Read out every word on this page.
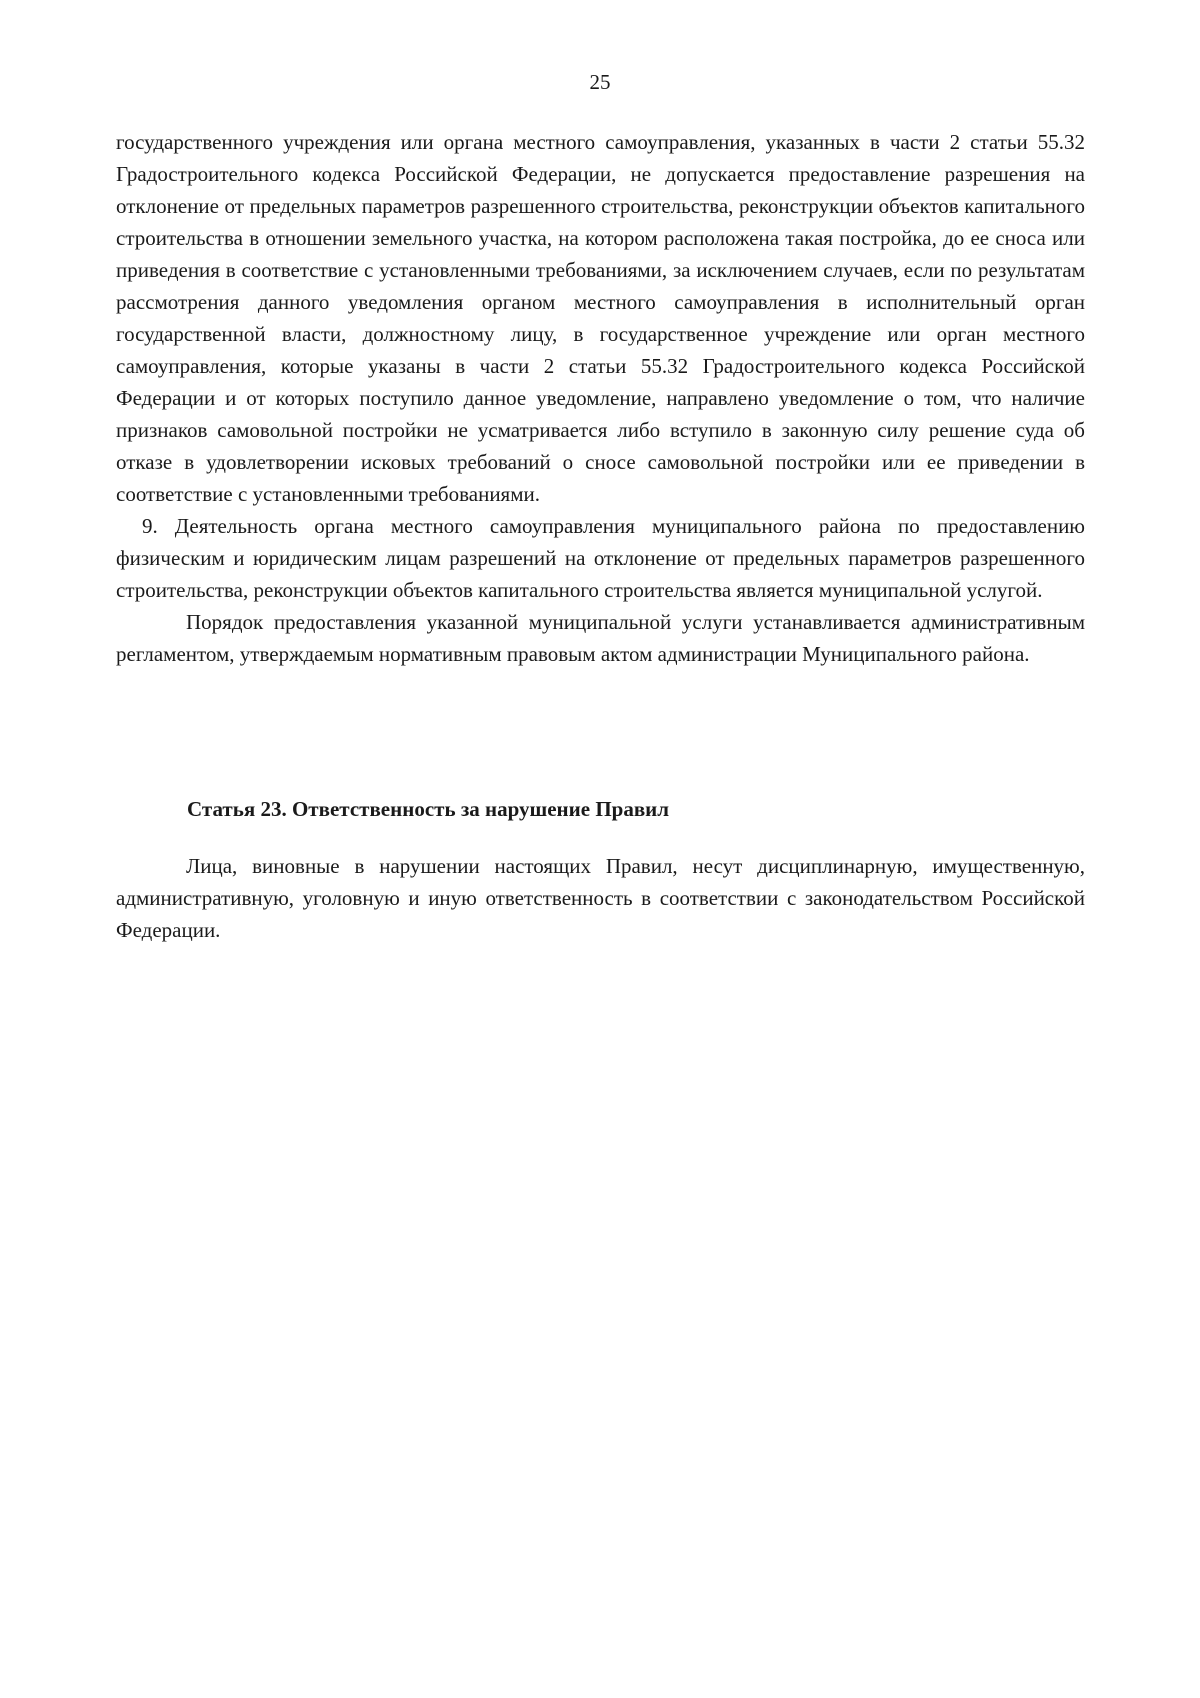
25

государственного учреждения или органа местного самоуправления, указанных в части 2 статьи 55.32 Градостроительного кодекса Российской Федерации, не допускается предоставление разрешения на отклонение от предельных параметров разрешенного строительства, реконструкции объектов капитального строительства в отношении земельного участка, на котором расположена такая постройка, до ее сноса или приведения в соответствие с установленными требованиями, за исключением случаев, если по результатам рассмотрения данного уведомления органом местного самоуправления в исполнительный орган государственной власти, должностному лицу, в государственное учреждение или орган местного самоуправления, которые указаны в части 2 статьи 55.32 Градостроительного кодекса Российской Федерации и от которых поступило данное уведомление, направлено уведомление о том, что наличие признаков самовольной постройки не усматривается либо вступило в законную силу решение суда об отказе в удовлетворении исковых требований о сносе самовольной постройки или ее приведении в соответствие с установленными требованиями.

9. Деятельность органа местного самоуправления муниципального района по предоставлению физическим и юридическим лицам разрешений на отклонение от предельных параметров разрешенного строительства, реконструкции объектов капитального строительства является муниципальной услугой.

Порядок предоставления указанной муниципальной услуги устанавливается административным регламентом, утверждаемым нормативным правовым актом администрации Муниципального района.

Статья 23. Ответственность за нарушение Правил

Лица, виновные в нарушении настоящих Правил, несут дисциплинарную, имущественную, административную, уголовную и иную ответственность в соответствии с законодательством Российской Федерации.
